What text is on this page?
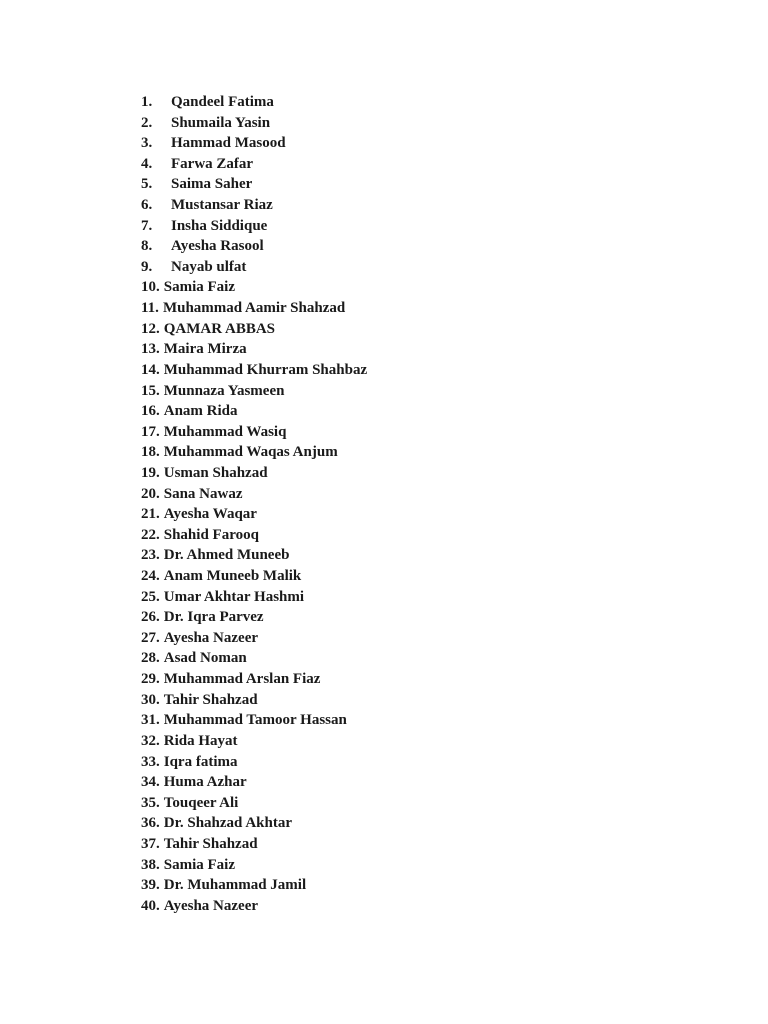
1. Qandeel Fatima
2. Shumaila Yasin
3. Hammad Masood
4. Farwa Zafar
5. Saima Saher
6. Mustansar Riaz
7. Insha Siddique
8. Ayesha Rasool
9. Nayab ulfat
10. Samia Faiz
11. Muhammad Aamir Shahzad
12. QAMAR ABBAS
13. Maira Mirza
14. Muhammad Khurram Shahbaz
15. Munnaza Yasmeen
16. Anam Rida
17. Muhammad Wasiq
18. Muhammad Waqas Anjum
19. Usman Shahzad
20. Sana Nawaz
21. Ayesha Waqar
22. Shahid Farooq
23. Dr. Ahmed Muneeb
24. Anam Muneeb Malik
25. Umar Akhtar Hashmi
26. Dr. Iqra Parvez
27. Ayesha Nazeer
28. Asad Noman
29. Muhammad Arslan Fiaz
30. Tahir Shahzad
31. Muhammad Tamoor Hassan
32. Rida Hayat
33. Iqra fatima
34. Huma Azhar
35. Touqeer Ali
36. Dr. Shahzad Akhtar
37. Tahir Shahzad
38. Samia Faiz
39. Dr. Muhammad Jamil
40. Ayesha Nazeer
